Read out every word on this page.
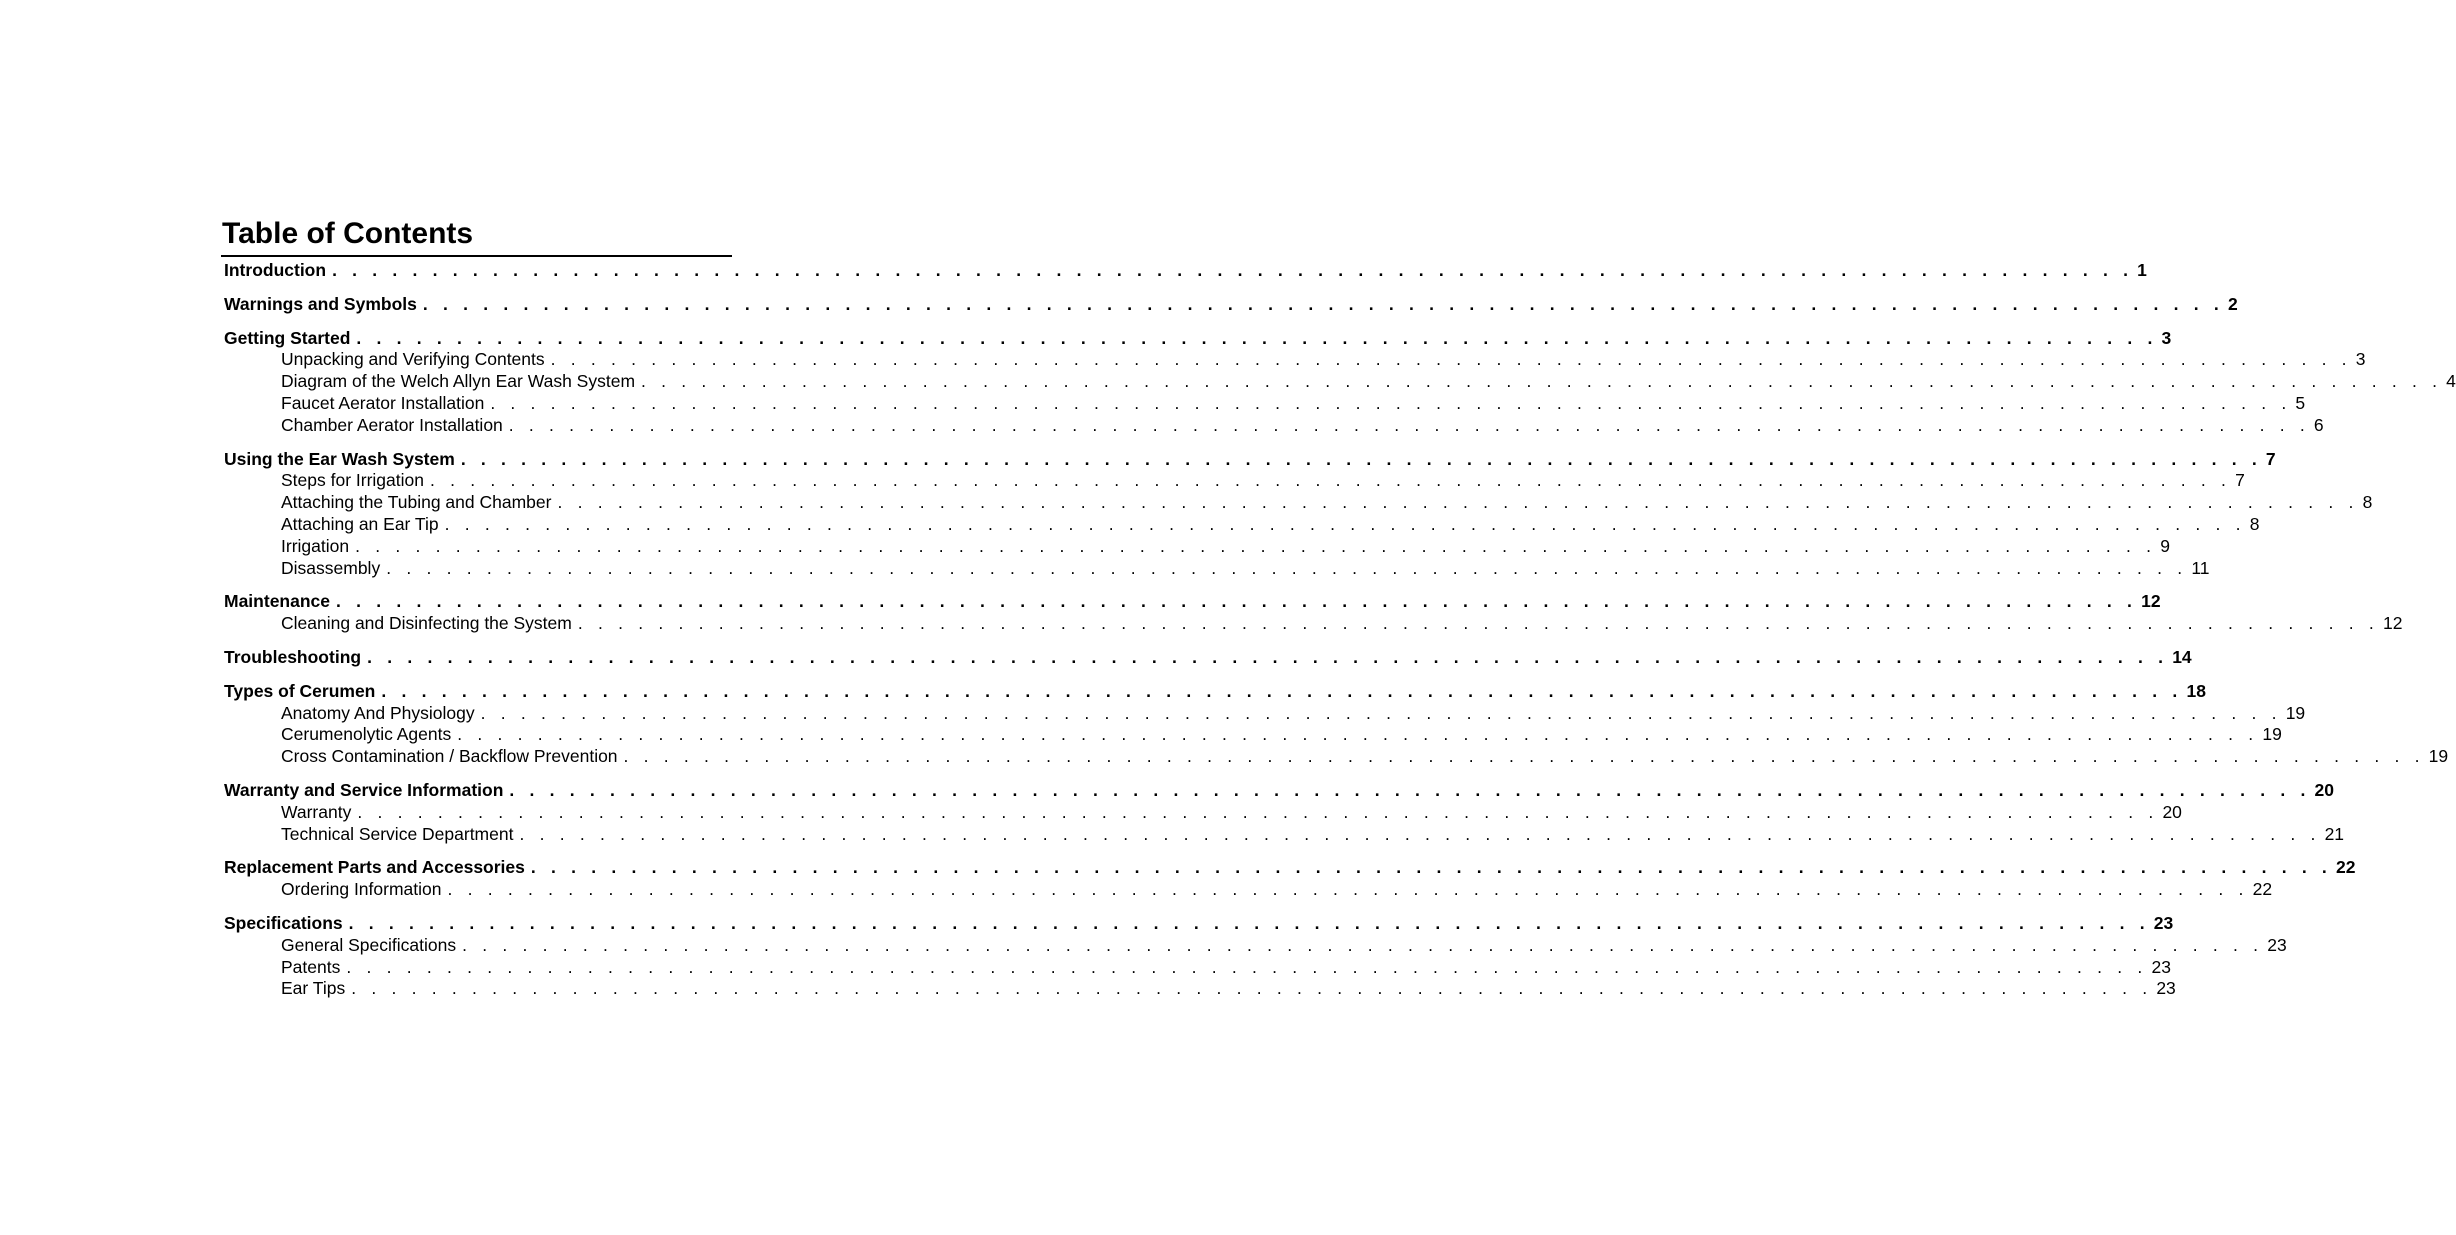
Table of Contents
Introduction . . . . . . . . . . . . . . . . . . . . . . . . . . . . . . . . . . . . . . . . . . . . . . . . . . . . . . . . . . . . . . . . . . . . . . . . . . . . . . . . . . . . . . . . . . 1
Warnings and Symbols . . . . . . . . . . . . . . . . . . . . . . . . . . . . . . . . . . . . . . . . . . . . . . . . . . . . . . . . . . . . . . . . . . . . . . . . . . . . . . . . . . . . . . . . . . 2
Getting Started . . . . . . . . . . . . . . . . . . . . . . . . . . . . . . . . . . . . . . . . . . . . . . . . . . . . . . . . . . . . . . . . . . . . . . . . . . . . . . . . . . . . . . . . . . 3
Unpacking and Verifying Contents . . . . . . . . . . . . . . . . . . . . . . . . . . . . . . . . . . . . . . . . . . . . . . . . . . . . . . . . . . . . . . . . . . . . . . . . . . . . . . . . . . . . . . . . . . 3
Diagram of the Welch Allyn Ear Wash System . . . . . . . . . . . . . . . . . . . . . . . . . . . . . . . . . . . . . . . . . . . . . . . . . . . . . . . . . . . . . . . . . . . . . . . . . . . . . . . . . . . . . . . . . . 4
Faucet Aerator Installation . . . . . . . . . . . . . . . . . . . . . . . . . . . . . . . . . . . . . . . . . . . . . . . . . . . . . . . . . . . . . . . . . . . . . . . . . . . . . . . . . . . . . . . . . . 5
Chamber Aerator Installation . . . . . . . . . . . . . . . . . . . . . . . . . . . . . . . . . . . . . . . . . . . . . . . . . . . . . . . . . . . . . . . . . . . . . . . . . . . . . . . . . . . . . . . . . . 6
Using the Ear Wash System . . . . . . . . . . . . . . . . . . . . . . . . . . . . . . . . . . . . . . . . . . . . . . . . . . . . . . . . . . . . . . . . . . . . . . . . . . . . . . . . . . . . . . . . . . 7
Steps for Irrigation . . . . . . . . . . . . . . . . . . . . . . . . . . . . . . . . . . . . . . . . . . . . . . . . . . . . . . . . . . . . . . . . . . . . . . . . . . . . . . . . . . . . . . . . . . 7
Attaching the Tubing and Chamber . . . . . . . . . . . . . . . . . . . . . . . . . . . . . . . . . . . . . . . . . . . . . . . . . . . . . . . . . . . . . . . . . . . . . . . . . . . . . . . . . . . . . . . . . . 8
Attaching an Ear Tip . . . . . . . . . . . . . . . . . . . . . . . . . . . . . . . . . . . . . . . . . . . . . . . . . . . . . . . . . . . . . . . . . . . . . . . . . . . . . . . . . . . . . . . . . . 8
Irrigation . . . . . . . . . . . . . . . . . . . . . . . . . . . . . . . . . . . . . . . . . . . . . . . . . . . . . . . . . . . . . . . . . . . . . . . . . . . . . . . . . . . . . . . . . . 9
Disassembly . . . . . . . . . . . . . . . . . . . . . . . . . . . . . . . . . . . . . . . . . . . . . . . . . . . . . . . . . . . . . . . . . . . . . . . . . . . . . . . . . . . . . . . . . . 11
Maintenance . . . . . . . . . . . . . . . . . . . . . . . . . . . . . . . . . . . . . . . . . . . . . . . . . . . . . . . . . . . . . . . . . . . . . . . . . . . . . . . . . . . . . . . . . . 12
Cleaning and Disinfecting the System . . . . . . . . . . . . . . . . . . . . . . . . . . . . . . . . . . . . . . . . . . . . . . . . . . . . . . . . . . . . . . . . . . . . . . . . . . . . . . . . . . . . . . . . . . 12
Troubleshooting . . . . . . . . . . . . . . . . . . . . . . . . . . . . . . . . . . . . . . . . . . . . . . . . . . . . . . . . . . . . . . . . . . . . . . . . . . . . . . . . . . . . . . . . . . 14
Types of Cerumen . . . . . . . . . . . . . . . . . . . . . . . . . . . . . . . . . . . . . . . . . . . . . . . . . . . . . . . . . . . . . . . . . . . . . . . . . . . . . . . . . . . . . . . . . . 18
Anatomy And Physiology . . . . . . . . . . . . . . . . . . . . . . . . . . . . . . . . . . . . . . . . . . . . . . . . . . . . . . . . . . . . . . . . . . . . . . . . . . . . . . . . . . . . . . . . . . 19
Cerumenolytic Agents . . . . . . . . . . . . . . . . . . . . . . . . . . . . . . . . . . . . . . . . . . . . . . . . . . . . . . . . . . . . . . . . . . . . . . . . . . . . . . . . . . . . . . . . . . 19
Cross Contamination / Backflow Prevention . . . . . . . . . . . . . . . . . . . . . . . . . . . . . . . . . . . . . . . . . . . . . . . . . . . . . . . . . . . . . . . . . . . . . . . . . . . . . . . . . . . . . . . . . . 19
Warranty and Service Information . . . . . . . . . . . . . . . . . . . . . . . . . . . . . . . . . . . . . . . . . . . . . . . . . . . . . . . . . . . . . . . . . . . . . . . . . . . . . . . . . . . . . . . . . . 20
Warranty . . . . . . . . . . . . . . . . . . . . . . . . . . . . . . . . . . . . . . . . . . . . . . . . . . . . . . . . . . . . . . . . . . . . . . . . . . . . . . . . . . . . . . . . . . 20
Technical Service Department . . . . . . . . . . . . . . . . . . . . . . . . . . . . . . . . . . . . . . . . . . . . . . . . . . . . . . . . . . . . . . . . . . . . . . . . . . . . . . . . . . . . . . . . . . 21
Replacement Parts and Accessories . . . . . . . . . . . . . . . . . . . . . . . . . . . . . . . . . . . . . . . . . . . . . . . . . . . . . . . . . . . . . . . . . . . . . . . . . . . . . . . . . . . . . . . . . . 22
Ordering Information . . . . . . . . . . . . . . . . . . . . . . . . . . . . . . . . . . . . . . . . . . . . . . . . . . . . . . . . . . . . . . . . . . . . . . . . . . . . . . . . . . . . . . . . . . 22
Specifications . . . . . . . . . . . . . . . . . . . . . . . . . . . . . . . . . . . . . . . . . . . . . . . . . . . . . . . . . . . . . . . . . . . . . . . . . . . . . . . . . . . . . . . . . . 23
General Specifications . . . . . . . . . . . . . . . . . . . . . . . . . . . . . . . . . . . . . . . . . . . . . . . . . . . . . . . . . . . . . . . . . . . . . . . . . . . . . . . . . . . . . . . . . . 23
Patents . . . . . . . . . . . . . . . . . . . . . . . . . . . . . . . . . . . . . . . . . . . . . . . . . . . . . . . . . . . . . . . . . . . . . . . . . . . . . . . . . . . . . . . . . . 23
Ear Tips . . . . . . . . . . . . . . . . . . . . . . . . . . . . . . . . . . . . . . . . . . . . . . . . . . . . . . . . . . . . . . . . . . . . . . . . . . . . . . . . . . . . . . . . . . 23
